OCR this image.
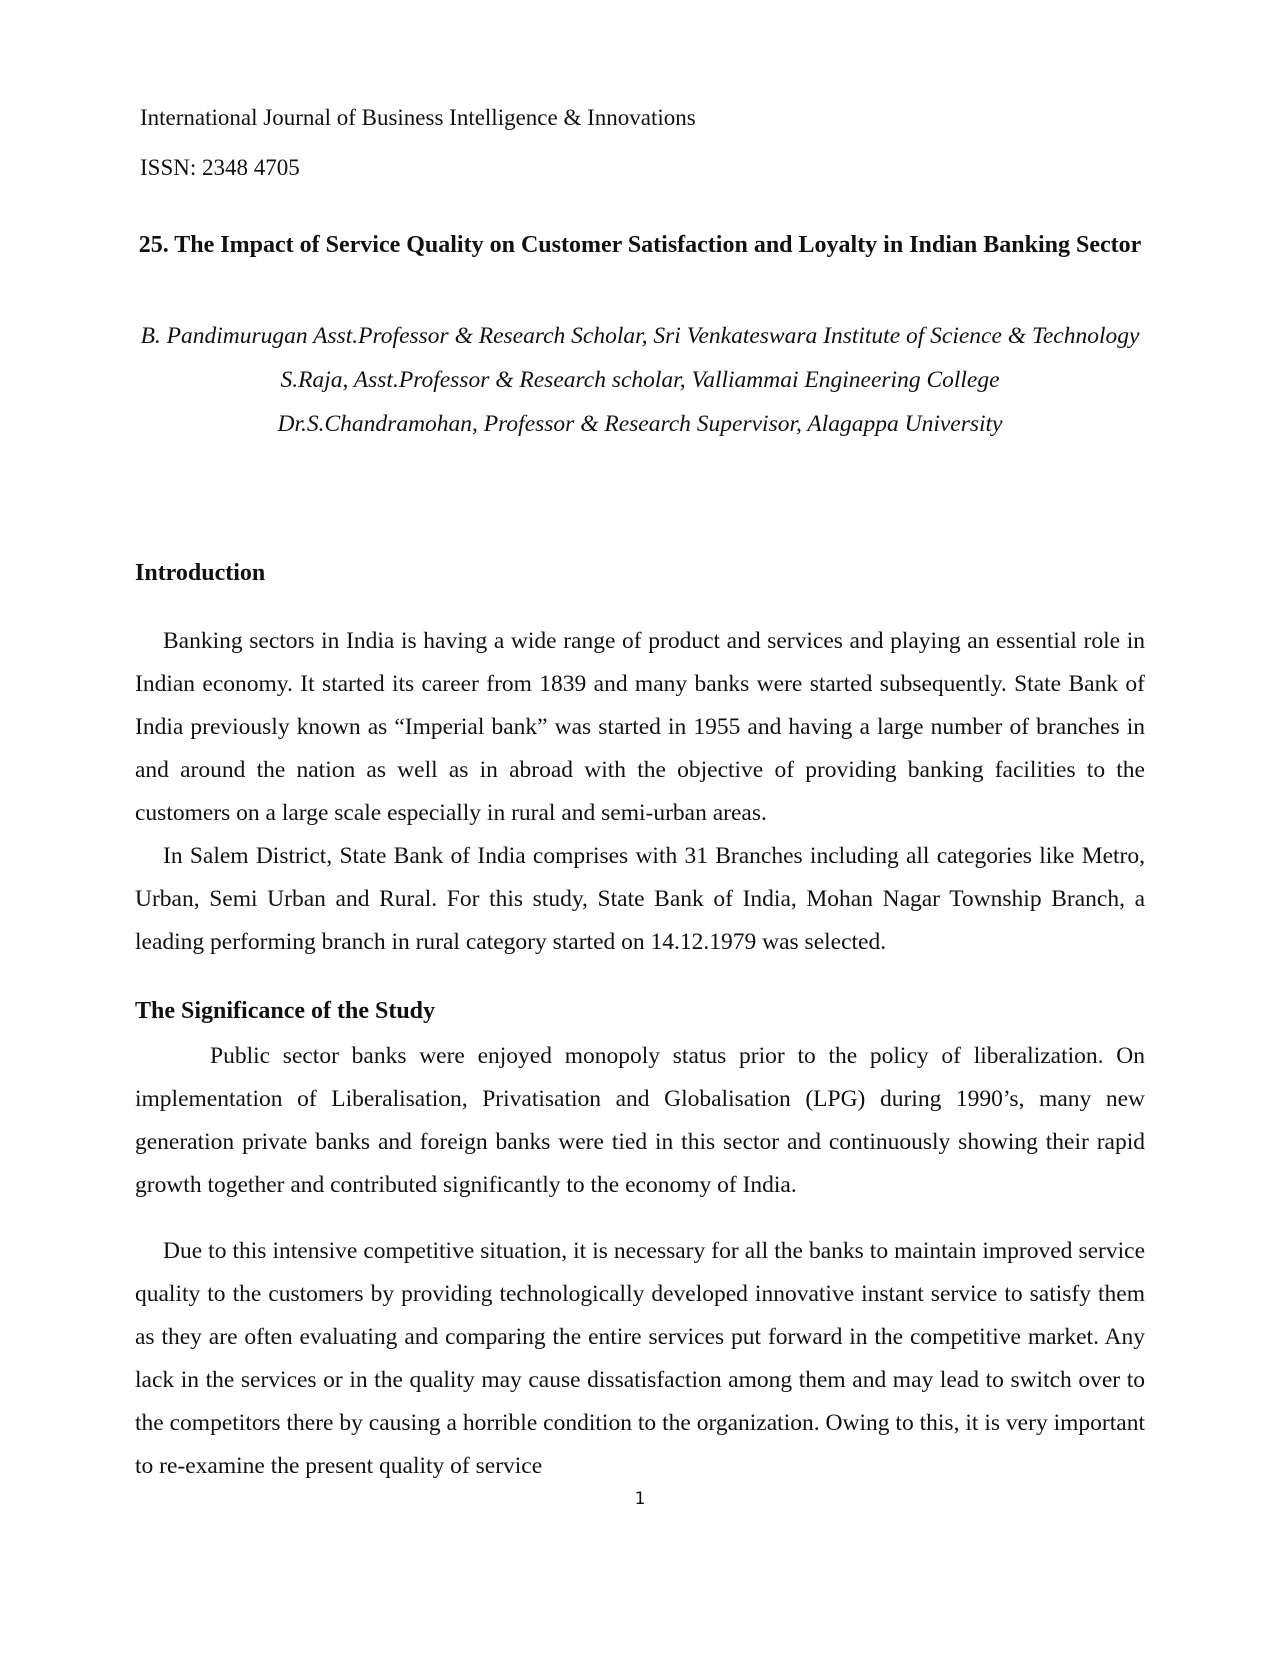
International Journal of Business Intelligence & Innovations
ISSN: 2348 4705
25. The Impact of Service Quality on Customer Satisfaction and Loyalty in Indian Banking Sector
B. Pandimurugan Asst.Professor & Research Scholar, Sri Venkateswara Institute of Science & Technology
S.Raja, Asst.Professor & Research scholar, Valliammai Engineering College
Dr.S.Chandramohan, Professor & Research Supervisor, Alagappa University
Introduction
Banking sectors in India is having a wide range of product and services and playing an essential role in Indian economy. It started its career from 1839 and many banks were started subsequently. State Bank of India previously known as “Imperial bank” was started in 1955 and having a large number of branches in and around the nation as well as in abroad with the objective of providing banking facilities to the customers on a large scale especially in rural and semi-urban areas.
In Salem District, State Bank of India comprises with 31 Branches including all categories like Metro, Urban, Semi Urban and Rural. For this study, State Bank of India, Mohan Nagar Township Branch, a leading performing branch in rural category started on 14.12.1979 was selected.
The Significance of the Study
Public sector banks were enjoyed monopoly status prior to the policy of liberalization. On implementation of Liberalisation, Privatisation and Globalisation (LPG) during 1990’s, many new generation private banks and foreign banks were tied in this sector and continuously showing their rapid growth together and contributed significantly to the economy of India.
Due to this intensive competitive situation, it is necessary for all the banks to maintain improved service quality to the customers by providing technologically developed innovative instant service to satisfy them as they are often evaluating and comparing the entire services put forward in the competitive market. Any lack in the services or in the quality may cause dissatisfaction among them and may lead to switch over to the competitors there by causing a horrible condition to the organization. Owing to this, it is very important to re-examine the present quality of service
1
